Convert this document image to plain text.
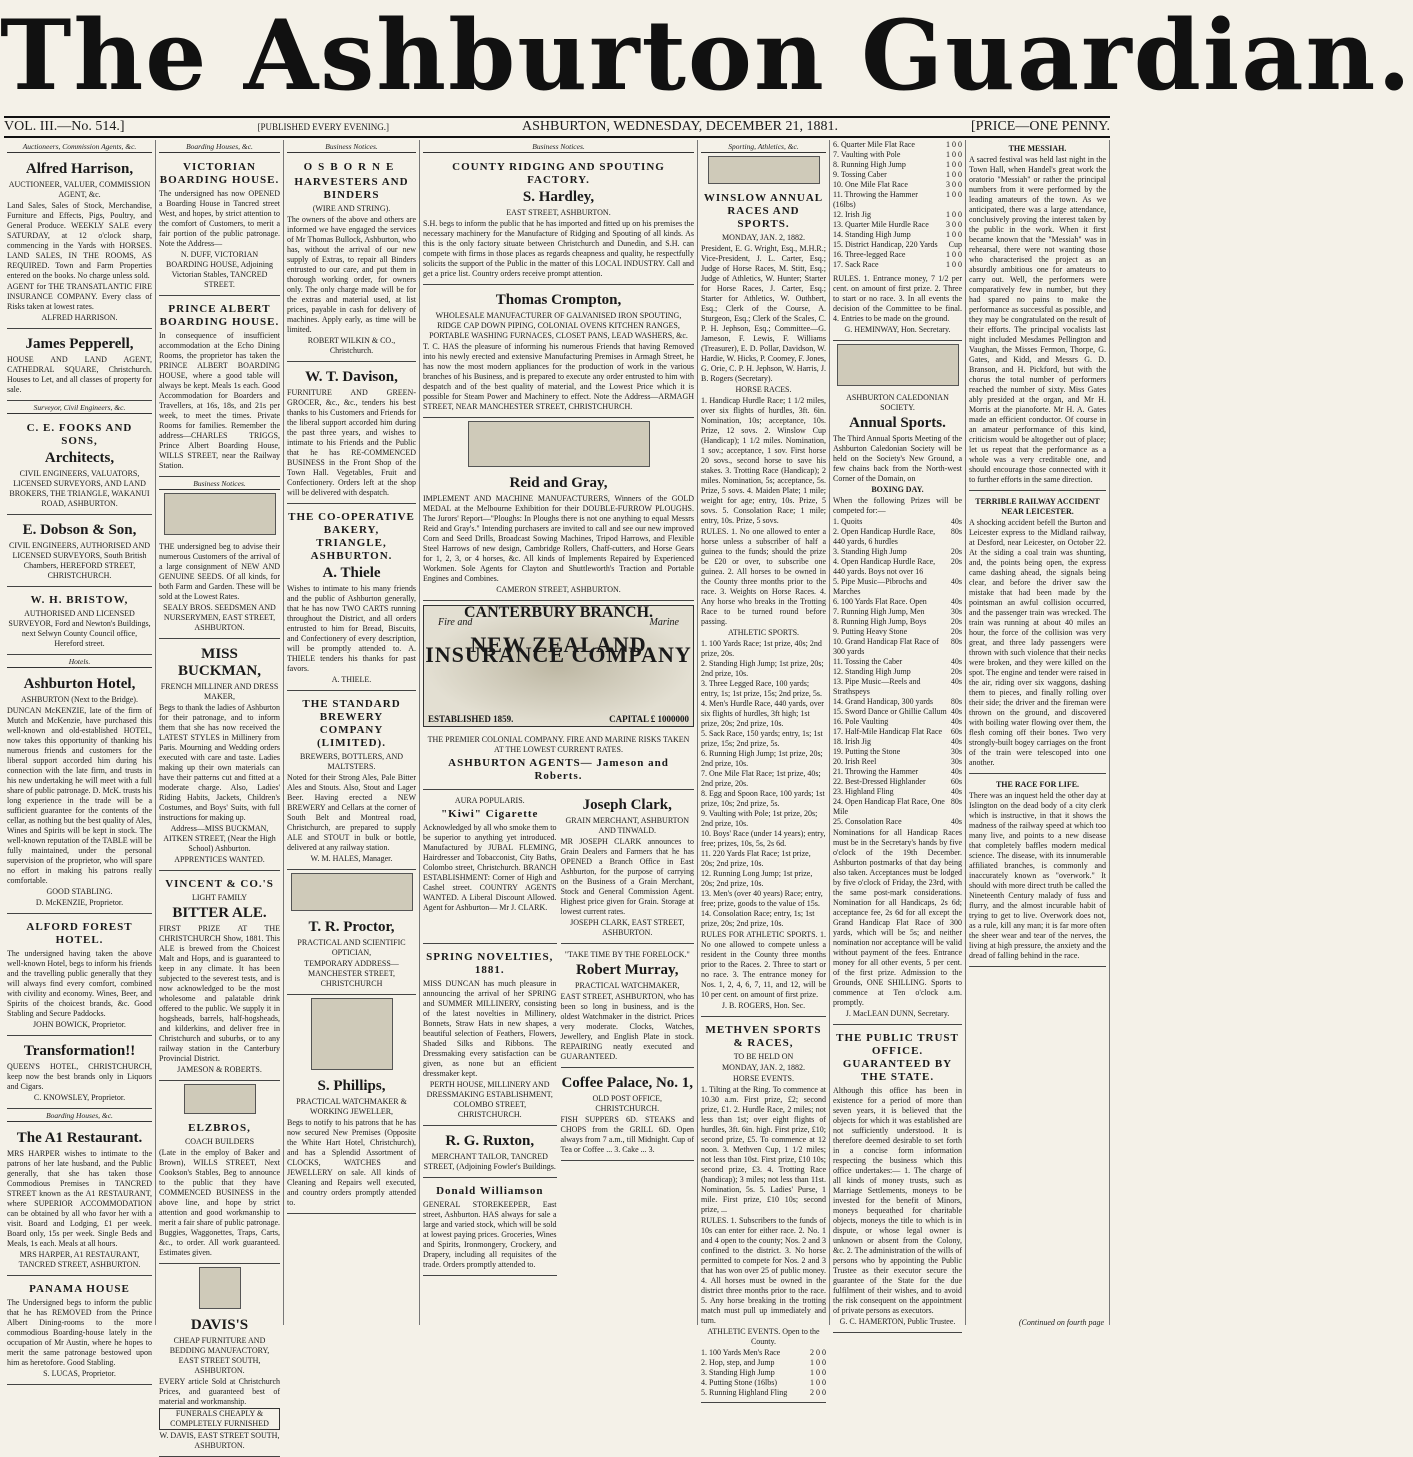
The Ashburton Guardian.
VOL. III.—No. 514.]	[PUBLISHED EVERY EVENING.]	ASHBURTON, WEDNESDAY, DECEMBER 21, 1881.	[PRICE—ONE PENNY.
Auctioneers, Commission Agents, &c.
Alfred Harrison,

AUCTIONEER, VALUER, COMMISSION AGENT, &c.

Land Sales, Sales of Stock, Merchandise, Furniture and Effects, Pigs, Poultry, and General Produce. WEEKLY SALE every SATURDAY, at 12 o'clock sharp, commencing in the Yards with HORSES. LAND SALES, IN THE ROOMS, AS REQUIRED. Town and Farm Properties entered on the books. No charge unless sold.

AGENT for THE TRANSATLANTIC FIRE INSURANCE COMPANY. Every class of Risks taken at lowest rates.

ALFRED HARRISON.

James Pepperell,

HOUSE AND LAND AGENT, CATHEDRAL SQUARE, Christchurch. Houses to Let, and all classes of property for sale.

Surveyor, Civil Engineers, &c.
C. E. FOOKS AND SONS,
Architects,

CIVIL ENGINEERS, VALUATORS, LICENSED SURVEYORS, AND LAND BROKERS, THE TRIANGLE, WAKANUI ROAD, ASHBURTON.

E. Dobson & Son,

CIVIL ENGINEERS, AUTHORISED AND LICENSED SURVEYORS, South British Chambers, HEREFORD STREET, CHRISTCHURCH.

W. H. BRISTOW,

AUTHORISED AND LICENSED SURVEYOR, Ford and Newton's Buildings, next Selwyn County Council office, Hereford street.

Hotels.
Ashburton Hotel,

ASHBURTON (Next to the Bridge).

DUNCAN McKENZIE, late of the firm of Mutch and McKenzie, have purchased this well-known and old-established HOTEL, now takes this opportunity of thanking his numerous friends and customers for the liberal support accorded him during his connection with the late firm, and trusts in his new undertaking he will meet with a full share of public patronage. D. McK. trusts his long experience in the trade will be a sufficient guarantee for the contents of the cellar, as nothing but the best quality of Ales, Wines and Spirits will be kept in stock. The well-known reputation of the TABLE will be fully maintained, under the personal supervision of the proprietor, who will spare no effort in making his patrons really comfortable.

GOOD STABLING.

D. McKENZIE, Proprietor.

ALFORD FOREST HOTEL.

The undersigned having taken the above well-known Hotel, begs to inform his friends and the travelling public generally that they will always find every comfort, combined with civility and economy. Wines, Beer, and Spirits of the choicest brands, &c. Good Stabling and Secure Paddocks.

JOHN BOWICK, Proprietor.

Transformation!!

QUEEN'S HOTEL, CHRISTCHURCH, keep now the best brands only in Liquors and Cigars.

C. KNOWSLEY, Proprietor.

Boarding Houses, &c.
The A1 Restaurant.

MRS HARPER wishes to intimate to the patrons of her late husband, and the Public generally, that she has taken those Commodious Premises in TANCRED STREET known as the A1 RESTAURANT, where SUPERIOR ACCOMMODATION can be obtained by all who favor her with a visit. Board and Lodging, £1 per week. Board only, 15s per week. Single Beds and Meals, 1s each. Meals at all hours.

MRS HARPER, A1 RESTAURANT, TANCRED STREET, ASHBURTON.

PANAMA HOUSE

The Undersigned begs to inform the public that he has REMOVED from the Prince Albert Dining-rooms to the more commodious Boarding-house lately in the occupation of Mr Austin, where he hopes to merit the same patronage bestowed upon him as heretofore. Good Stabling.

S. LUCAS, Proprietor.

Boarding Houses, &c.
VICTORIAN BOARDING HOUSE.

The undersigned has now OPENED a Boarding House in Tancred street West, and hopes, by strict attention to the comfort of Customers, to merit a fair portion of the public patronage. Note the Address—

N. DUFF, VICTORIAN BOARDING HOUSE, Adjoining Victorian Stables, TANCRED STREET.

PRINCE ALBERT BOARDING HOUSE.

In consequence of insufficient accommodation at the Echo Dining Rooms, the proprietor has taken the PRINCE ALBERT BOARDING HOUSE, where a good table will always be kept. Meals 1s each. Good Accommodation for Boarders and Travellers, at 16s, 18s, and 21s per week, to meet the times. Private Rooms for families. Remember the address—CHARLES TRIGGS, Prince Albert Boarding House, WILLS STREET, near the Railway Station.

Business Notices.

THE undersigned beg to advise their numerous Customers of the arrival of a large consignment of NEW AND GENUINE SEEDS. Of all kinds, for both Farm and Garden. These will be sold at the Lowest Rates.

SEALY BROS. SEEDSMEN AND NURSERYMEN, EAST STREET, ASHBURTON.

MISS BUCKMAN,

FRENCH MILLINER AND DRESS MAKER,

Begs to thank the ladies of Ashburton for their patronage, and to inform them that she has now received the LATEST STYLES in Millinery from Paris. Mourning and Wedding orders executed with care and taste. Ladies making up their own materials can have their patterns cut and fitted at a moderate charge. Also, Ladies' Riding Habits, Jackets, Children's Costumes, and Boys' Suits, with full instructions for making up.

Address—MISS BUCKMAN, AITKEN STREET, (Near the High School) Ashburton.

APPRENTICES WANTED.

VINCENT & CO.'S

LIGHT FAMILY

BITTER ALE.

FIRST PRIZE AT THE CHRISTCHURCH Show, 1881. This ALE is brewed from the Choicest Malt and Hops, and is guaranteed to keep in any climate. It has been subjected to the severest tests, and is now acknowledged to be the most wholesome and palatable drink offered to the public. We supply it in hogsheads, barrels, half-hogsheads, and kilderkins, and deliver free in Christchurch and suburbs, or to any railway station in the Canterbury Provincial District.

JAMESON & ROBERTS.

ELZBROS,

COACH BUILDERS

(Late in the employ of Baker and Brown), WILLS STREET, Next Cookson's Stables, Beg to announce to the public that they have COMMENCED BUSINESS in the above line, and hope by strict attention and good workmanship to merit a fair share of public patronage. Buggies, Waggonettes, Traps, Carts, &c., to order. All work guaranteed. Estimates given.

DAVIS'S

CHEAP FURNITURE AND BEDDING MANUFACTORY, EAST STREET SOUTH, ASHBURTON.

EVERY article Sold at Christchurch Prices, and guaranteed best of material and workmanship.

FUNERALS CHEAPLY & COMPLETELY FURNISHED

W. DAVIS, EAST STREET SOUTH, ASHBURTON.

Business Notices.
OSBORNE
HARVESTERS AND BINDERS

(WIRE AND STRING).

The owners of the above and others are informed we have engaged the services of Mr Thomas Bullock, Ashburton, who has, without the arrival of our new supply of Extras, to repair all Binders entrusted to our care, and put them in thorough working order, for owners only. The only charge made will be for the extras and material used, at list prices, payable in cash for delivery of machines. Apply early, as time will be limited.

ROBERT WILKIN & CO., Christchurch.

W. T. Davison,

FURNITURE AND GREEN-GROCER, &c., &c., tenders his best thanks to his Customers and Friends for the liberal support accorded him during the past three years, and wishes to intimate to his Friends and the Public that he has RE-COMMENCED BUSINESS in the Front Shop of the Town Hall. Vegetables, Fruit and Confectionery. Orders left at the shop will be delivered with despatch.

THE CO-OPERATIVE BAKERY, TRIANGLE, ASHBURTON.
A. Thiele

Wishes to intimate to his many friends and the public of Ashburton generally, that he has now TWO CARTS running throughout the District, and all orders entrusted to him for Bread, Biscuits, and Confectionery of every description, will be promptly attended to. A. THIELE tenders his thanks for past favors.

A. THIELE.

THE STANDARD BREWERY COMPANY (LIMITED).

BREWERS, BOTTLERS, AND MALTSTERS.

Noted for their Strong Ales, Pale Bitter Ales and Stouts. Also, Stout and Lager Beer. Having erected a NEW BREWERY and Cellars at the corner of South Belt and Montreal road, Christchurch, are prepared to supply ALE and STOUT in bulk or bottle, delivered at any railway station.

W. M. HALES, Manager.

T. R. Proctor,

PRACTICAL AND SCIENTIFIC OPTICIAN,

TEMPORARY ADDRESS— MANCHESTER STREET, CHRISTCHURCH

S. Phillips,

PRACTICAL WATCHMAKER & WORKING JEWELLER,

Begs to notify to his patrons that he has now secured New Premises (Opposite the White Hart Hotel, Christchurch), and has a Splendid Assortment of CLOCKS, WATCHES and JEWELLERY on sale. All kinds of Cleaning and Repairs well executed, and country orders promptly attended to.

Business Notices.
COUNTY RIDGING AND SPOUTING FACTORY.
S. Hardley,

EAST STREET, ASHBURTON.

S.H. begs to inform the public that he has imported and fitted up on his premises the necessary machinery for the Manufacture of Ridging and Spouting of all kinds. As this is the only factory situate between Christchurch and Dunedin, and S.H. can compete with firms in those places as regards cheapness and quality, he respectfully solicits the support of the Public in the matter of this LOCAL INDUSTRY. Call and get a price list. Country orders receive prompt attention.

Thomas Crompton,

WHOLESALE MANUFACTURER OF GALVANISED IRON SPOUTING, RIDGE CAP DOWN PIPING, COLONIAL OVENS KITCHEN RANGES, PORTABLE WASHING FURNACES, CLOSET PANS, LEAD WASHERS, &c.

T. C. HAS the pleasure of informing his numerous Friends that having Removed into his newly erected and extensive Manufacturing Premises in Armagh Street, he has now the most modern appliances for the production of work in the various branches of his Business, and is prepared to execute any order entrusted to him with despatch and of the best quality of material, and the Lowest Price which it is possible for Steam Power and Machinery to effect. Note the Address—ARMAGH STREET, NEAR MANCHESTER STREET, CHRISTCHURCH.

Reid and Gray,

IMPLEMENT AND MACHINE MANUFACTURERS, Winners of the GOLD MEDAL at the Melbourne Exhibition for their DOUBLE-FURROW PLOUGHS. The Jurors' Report—"Ploughs: In Ploughs there is not one anything to equal Messrs Reid and Gray's." Intending purchasers are invited to call and see our new improved Corn and Seed Drills, Broadcast Sowing Machines, Tripod Harrows, and Flexible Steel Harrows of new design, Cambridge Rollers, Chaff-cutters, and Horse Gears for 1, 2, 3, or 4 horses, &c. All kinds of Implements Repaired by Experienced Workmen. Sole Agents for Clayton and Shuttleworth's Traction and Portable Engines and Combines.

CAMERON STREET, ASHBURTON.

CANTERBURY BRANCH.
Fire and	Marine
NEW ZEALAND INSURANCE COMPANY
ESTABLISHED 1859.	CAPITAL £ 1000000

THE PREMIER COLONIAL COMPANY. FIRE AND MARINE RISKS TAKEN AT THE LOWEST CURRENT RATES.

ASHBURTON AGENTS— Jameson and Roberts.

AURA POPULARIS.

"Kiwi" Cigarette

Acknowledged by all who smoke them to be superior to anything yet introduced. Manufactured by JUBAL FLEMING, Hairdresser and Tobacconist, City Baths, Colombo street, Christchurch. BRANCH ESTABLISHMENT: Corner of High and Cashel street. COUNTRY AGENTS WANTED. A Liberal Discount Allowed. Agent for Ashburton— Mr J. CLARK.

Joseph Clark,

GRAIN MERCHANT, ASHBURTON AND TINWALD.

MR JOSEPH CLARK announces to Grain Dealers and Farmers that he has OPENED a Branch Office in East Ashburton, for the purpose of carrying on the Business of a Grain Merchant, Stock and General Commission Agent. Highest price given for Grain. Storage at lowest current rates.

JOSEPH CLARK, EAST STREET, ASHBURTON.

SPRING NOVELTIES, 1881.

MISS DUNCAN has much pleasure in announcing the arrival of her SPRING and SUMMER MILLINERY, consisting of the latest novelties in Millinery, Bonnets, Straw Hats in new shapes, a beautiful selection of Feathers, Flowers, Shaded Silks and Ribbons. The Dressmaking every satisfaction can be given, as none but an efficient dressmaker kept.

PERTH HOUSE, MILLINERY AND DRESSMAKING ESTABLISHMENT, COLOMBO STREET, CHRISTCHURCH.

R. G. Ruxton,

MERCHANT TAILOR, TANCRED STREET, (Adjoining Fowler's Buildings.

Donald Williamson

GENERAL STOREKEEPER, East street, Ashburton. HAS always for sale a large and varied stock, which will be sold at lowest paying prices. Groceries, Wines and Spirits, Ironmongery, Crockery, and Drapery, including all requisites of the trade. Orders promptly attended to.

"TAKE TIME BY THE FORELOCK."

Robert Murray,

PRACTICAL WATCHMAKER,

EAST STREET, ASHBURTON, who has been so long in business, and is the oldest Watchmaker in the district. Prices very moderate. Clocks, Watches, Jewellery, and English Plate in stock. REPAIRING neatly executed and GUARANTEED.

Coffee Palace, No. 1,

OLD POST OFFICE, CHRISTCHURCH.

FISH SUPPERS 6D. STEAKS and CHOPS from the GRILL 6D. Open always from 7 a.m., till Midnight. Cup of Tea or Coffee ... 3. Cake ... 3.

Sporting, Athletics, &c.
WINSLOW ANNUAL RACES AND SPORTS.

MONDAY, JAN. 2, 1882.

President, E. G. Wright, Esq., M.H.R.; Vice-President, J. L. Carter, Esq.; Judge of Horse Races, M. Stitt, Esq.; Judge of Athletics, W. Hunter; Starter for Horse Races, J. Carter, Esq.; Starter for Athletics, W. Outhbert, Esq.; Clerk of the Course, A. Sturgeon, Esq.; Clerk of the Scales, C. P. H. Jephson, Esq.; Committee—G. Jameson, F. Lewis, F. Williams (Treasurer), E. D. Pollar, Davidson, W. Hardie, W. Hicks, P. Coomey, F. Jones, G. Orie, C. P. H. Jephson, W. Harris, J. B. Rogers (Secretary).

HORSE RACES.

1. Handicap Hurdle Race; 1 1/2 miles, over six flights of hurdles, 3ft. 6in. Nomination, 10s; acceptance, 10s. Prize, 12 sovs. 2. Winslow Cup (Handicap); 1 1/2 miles. Nomination, 1 sov.; acceptance, 1 sov. First horse 20 sovs., second horse to save his stakes. 3. Trotting Race (Handicap); 2 miles. Nomination, 5s; acceptance, 5s. Prize, 5 sovs. 4. Maiden Plate; 1 mile; weight for age; entry, 10s. Prize, 5 sovs. 5. Consolation Race; 1 mile; entry, 10s. Prize, 5 sovs.

RULES. 1. No one allowed to enter a horse unless a subscriber of half a guinea to the funds; should the prize be £20 or over, to subscribe one guinea. 2. All horses to be owned in the County three months prior to the race. 3. Weights on Horse Races. 4. Any horse who breaks in the Trotting Race to be turned round before passing.

ATHLETIC SPORTS.

1. 100 Yards Race; 1st prize, 40s; 2nd prize, 20s.
2. Standing High Jump; 1st prize, 20s; 2nd prize, 10s.
3. Three Legged Race, 100 yards; entry, 1s; 1st prize, 15s; 2nd prize, 5s.
4. Men's Hurdle Race, 440 yards, over six flights of hurdles, 3ft high; 1st prize, 20s; 2nd prize, 10s.
5. Sack Race, 150 yards; entry, 1s; 1st prize, 15s; 2nd prize, 5s.
6. Running High Jump; 1st prize, 20s; 2nd prize, 10s.
7. One Mile Flat Race; 1st prize, 40s; 2nd prize, 20s.
8. Egg and Spoon Race, 100 yards; 1st prize, 10s; 2nd prize, 5s.
9. Vaulting with Pole; 1st prize, 20s; 2nd prize, 10s.
10. Boys' Race (under 14 years); entry, free; prizes, 10s, 5s, 2s 6d.
11. 220 Yards Flat Race; 1st prize, 20s; 2nd prize, 10s.
12. Running Long Jump; 1st prize, 20s; 2nd prize, 10s.
13. Men's (over 40 years) Race; entry, free; prize, goods to the value of 15s.
14. Consolation Race; entry, 1s; 1st prize, 20s; 2nd prize, 10s.

RULES FOR ATHLETIC SPORTS. 1. No one allowed to compete unless a resident in the County three months prior to the Races. 2. Three to start or no race. 3. The entrance money for Nos. 1, 2, 4, 6, 7, 11, and 12, will be 10 per cent. on amount of first prize.

J. B. ROGERS, Hon. Sec.

METHVEN SPORTS & RACES,

TO BE HELD ON

MONDAY, JAN. 2, 1882.

HORSE EVENTS.

1. Tilting at the Ring. To commence at 10.30 a.m. First prize, £2; second prize, £1. 2. Hurdle Race, 2 miles; not less than 1st; over eight flights of hurdles, 3ft. 6in. high. First prize, £10; second prize, £5. To commence at 12 noon. 3. Methven Cup, 1 1/2 miles; not less than 10st. First prize, £10 10s; second prize, £3. 4. Trotting Race (handicap); 3 miles; not less than 11st. Nomination, 5s. 5. Ladies' Purse, 1 mile. First prize, £10 10s; second prize, ...

RULES. 1. Subscribers to the funds of 10s can enter for either race. 2. No. 1 and 4 open to the county; Nos. 2 and 3 confined to the district. 3. No horse permitted to compete for Nos. 2 and 3 that has won over 25 of public money. 4. All horses must be owned in the district three months prior to the race. 5. Any horse breaking in the trotting match must pull up immediately and turn.

ATHLETIC EVENTS. Open to the County.

1. 100 Yards Men's Race	2 0 0
2. Hop, step, and Jump	1 0 0
3. Standing High Jump	1 0 0
4. Putting Stone (16lbs)	1 0 0
5. Running Highland Fling	2 0 0
6. Quarter Mile Flat Race	1 0 0
7. Vaulting with Pole	1 0 0
8. Running High Jump	1 0 0
9. Tossing Caber	1 0 0
10. One Mile Flat Race	3 0 0
11. Throwing the Hammer (16lbs)
1 0 0
12. Irish Jig	1 0 0
13. Quarter Mile Hurdle Race 3 0 0
14. Standing High Jump	1 0 0
15. District Handicap, 220 Yards Cup
16. Three-legged Race	1 0 0
17. Sack Race	1 0 0

RULES. 1. Entrance money, 7 1/2 per cent. on amount of first prize. 2. Three to start or no race. 3. In all events the decision of the Committee to be final. 4. Entries to be made on the ground.

G. HEMINWAY, Hon. Secretary.

ASHBURTON CALEDONIAN SOCIETY.

Annual Sports.

The Third Annual Sports Meeting of the Ashburton Caledonian Society will be held on the Society's New Ground, a few chains back from the North-west Corner of the Domain, on

BOXING DAY.

When the following Prizes will be competed for:—

1. Quoits	40s
2. Open Handicap Hurdle Race, 440 yards, 6 hurdles
80s
3. Standing High Jump	20s
4. Open Handicap Hurdle Race, 440 yards. Boys not over 16
20s
5. Pipe Music—Pibrochs and Marches
40s
6. 100 Yards Flat Race. Open	40s
7. Running High Jump, Men	30s
8. Running High Jump, Boys	20s
9. Putting Heavy Stone	20s
10. Grand Handicap Flat Race of 300 yards
80s
11. Tossing the Caber	40s
12. Standing High Jump	20s
13. Pipe Music—Reels and Strathspeys
40s
14. Grand Handicap, 300 yards 80s
15. Sword Dance or Ghillie Callum 40s
16. Pole Vaulting	40s
17. Half-Mile Handicap Flat Race 60s
18. Irish Jig	40s
19. Putting the Stone	30s
20. Irish Reel	30s
21. Throwing the Hammer	40s
22. Best-Dressed Highlander	60s
23. Highland Fling	40s
24. Open Handicap Flat Race, One Mile
80s
25. Consolation Race	40s

Nominations for all Handicap Races must be in the Secretary's hands by five o'clock of the 19th December. Ashburton postmarks of that day being also taken. Acceptances must be lodged by five o'clock of Friday, the 23rd, with the same post-mark considerations. Nomination for all Handicaps, 2s 6d; acceptance fee, 2s 6d for all except the Grand Handicap Flat Race of 300 yards, which will be 5s; and neither nomination nor acceptance will be valid without payment of the fees. Entrance money for all other events, 5 per cent. of the first prize. Admission to the Grounds, ONE SHILLING. Sports to commence at Ten o'clock a.m. promptly.

J. MacLEAN DUNN, Secretary.

THE PUBLIC TRUST OFFICE. GUARANTEED BY THE STATE.

Although this office has been in existence for a period of more than seven years, it is believed that the objects for which it was established are not sufficiently understood. It is therefore deemed desirable to set forth in a concise form information respecting the business which this office undertakes:— 1. The charge of all kinds of money trusts, such as Marriage Settlements, moneys to be invested for the benefit of Minors, moneys bequeathed for charitable objects, moneys the title to which is in dispute, or whose legal owner is unknown or absent from the Colony, &c. 2. The administration of the wills of persons who by appointing the Public Trustee as their executor secure the guarantee of the State for the due fulfilment of their wishes, and to avoid the risk consequent on the appointment of private persons as executors.

G. C. HAMERTON, Public Trustee.

THE MESSIAH.

A sacred festival was held last night in the Town Hall, when Handel's great work the oratorio "Messiah" or rather the principal numbers from it were performed by the leading amateurs of the town. As we anticipated, there was a large attendance, conclusively proving the interest taken by the public in the work. When it first became known that the "Messiah" was in rehearsal, there were not wanting those who characterised the project as an absurdly ambitious one for amateurs to carry out. Well, the performers were comparatively few in number, but they had spared no pains to make the performance as successful as possible, and they may be congratulated on the result of their efforts. The principal vocalists last night included Mesdames Pellington and Vaughan, the Misses Fermon, Thorpe, G. Gates, and Kidd, and Messrs G. D. Branson, and H. Pickford, but with the chorus the total number of performers reached the number of sixty. Miss Gates ably presided at the organ, and Mr H. Morris at the pianoforte. Mr H. A. Gates made an efficient conductor. Of course in an amateur performance of this kind, criticism would be altogether out of place; let us repeat that the performance as a whole was a very creditable one, and should encourage those connected with it to further efforts in the same direction.

TERRIBLE RAILWAY ACCIDENT NEAR LEICESTER.

A shocking accident befell the Burton and Leicester express to the Midland railway, at Desford, near Leicester, on October 22. At the siding a coal train was shunting, and, the points being open, the express came dashing ahead, the signals being clear, and before the driver saw the mistake that had been made by the pointsman an awful collision occurred, and the passenger train was wrecked. The train was running at about 40 miles an hour, the force of the collision was very great, and three lady passengers were thrown with such violence that their necks were broken, and they were killed on the spot. The engine and tender were raised in the air, riding over six waggons, dashing them to pieces, and finally rolling over their side; the driver and the fireman were thrown on the ground, and discovered with boiling water flowing over them, the flesh coming off their bones. Two very strongly-built bogey carriages on the front of the train were telescoped into one another.

THE RACE FOR LIFE.

There was an inquest held the other day at Islington on the dead body of a city clerk which is instructive, in that it shows the madness of the railway speed at which too many live, and points to a new disease that completely baffles modern medical science. The disease, with its innumerable affiliated branches, is commonly and inaccurately known as "overwork." It should with more direct truth be called the Nineteenth Century malady of fuss and flurry, and the almost incurable habit of trying to get to live. Overwork does not, as a rule, kill any man; it is far more often the sheer wear and tear of the nerves, the living at high pressure, the anxiety and the dread of falling behind in the race.

(Continued on fourth page
